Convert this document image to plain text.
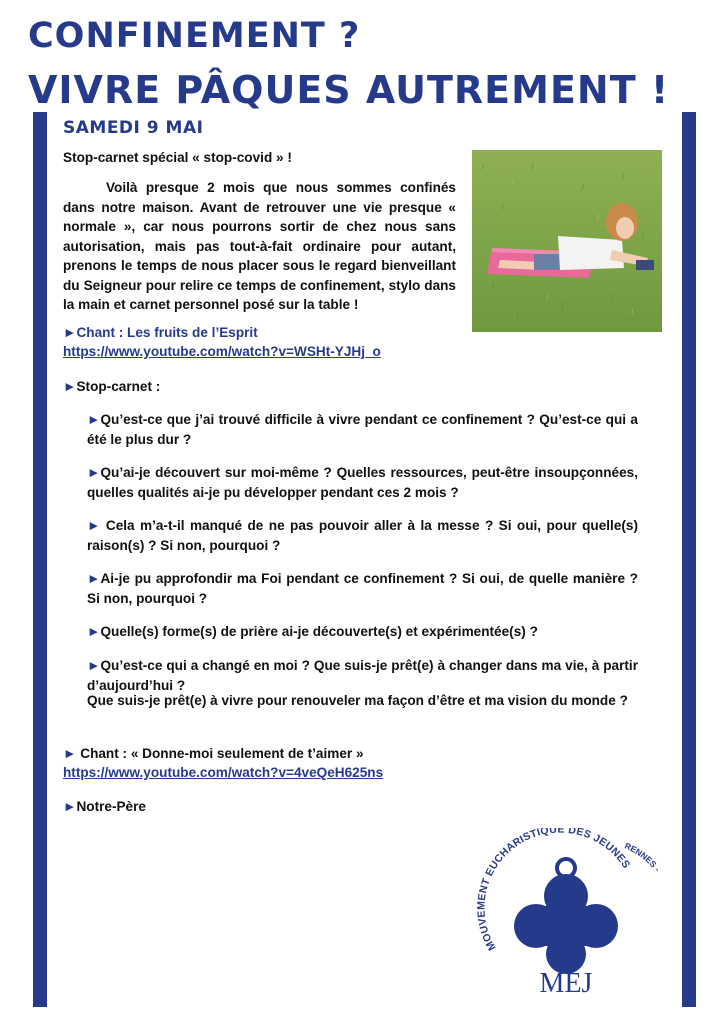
CONFINEMENT ?
VIVRE PÂQUES AUTREMENT !
SAMEDI 9 MAI

Stop-carnet spécial « stop-covid » !

Voilà presque 2 mois que nous sommes confinés dans notre maison. Avant de retrouver une vie presque « normale », car nous pourrons sortir de chez nous sans autorisation, mais pas tout-à-fait ordinaire pour autant, prenons le temps de nous placer sous le regard bienveillant du Seigneur pour relire ce temps de confinement, stylo dans la main et carnet personnel posé sur la table !

►Chant : Les fruits de l’Esprit

https://www.youtube.com/watch?v=WSHt-YJHj_o

►Stop-carnet :

►Qu’est-ce que j’ai trouvé difficile à vivre pendant ce confinement ? Qu’est-ce qui a été le plus dur ?

►Qu’ai-je découvert sur moi-même ? Quelles ressources, peut-être insoupçonnées, quelles qualités ai-je pu développer pendant ces 2 mois ?

► Cela m’a-t-il manqué de ne pas pouvoir aller à la messe ? Si oui, pour quelle(s) raison(s) ? Si non, pourquoi ?

►Ai-je pu approfondir ma Foi pendant ce confinement ? Si oui, de quelle manière ? Si non, pourquoi ?

►Quelle(s) forme(s) de prière ai-je découverte(s) et expérimentée(s) ?

►Qu’est-ce qui a changé en moi ? Que suis-je prêt(e) à changer dans ma vie, à partir d’aujourd’hui ?

Que suis-je prêt(e) à vivre pour renouveler ma façon d’être et ma vision du monde ?

► Chant : « Donne-moi seulement de t’aimer »

https://www.youtube.com/watch?v=4veQeH625ns

►Notre-Père

MOUVEMENT EUCHARISTIQUE DES JEUNES
RENNES
MEJ
